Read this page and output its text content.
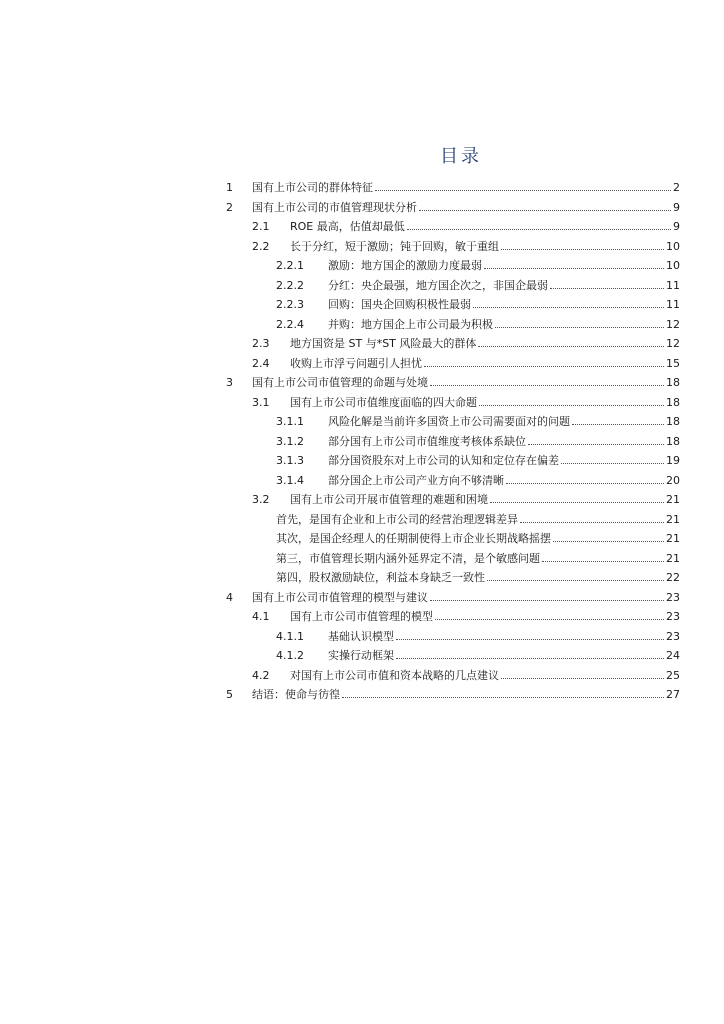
目录
1	国有上市公司的群体特征	2
2	国有上市公司的市值管理现状分析	9
2.1	ROE 最高，估值却最低	9
2.2	长于分红，短于激励；钝于回购，敏于重组	10
2.2.1	激励：地方国企的激励力度最弱	10
2.2.2	分红：央企最强，地方国企次之，非国企最弱	11
2.2.3	回购：国央企回购积极性最弱	11
2.2.4	并购：地方国企上市公司最为积极	12
2.3	地方国资是 ST 与*ST 风险最大的群体	12
2.4	收购上市浮亏问题引人担忧	15
3	国有上市公司市值管理的命题与处境	18
3.1	国有上市公司市值维度面临的四大命题	18
3.1.1	风险化解是当前许多国资上市公司需要面对的问题	18
3.1.2	部分国有上市公司市值维度考核体系缺位	18
3.1.3	部分国资股东对上市公司的认知和定位存在偏差	19
3.1.4	部分国企上市公司产业方向不够清晰	20
3.2	国有上市公司开展市值管理的难题和困境	21
首先，是国有企业和上市公司的经营治理逻辑差异	21
其次，是国企经理人的任期制使得上市企业长期战略摇摆	21
第三，市值管理长期内涵外延界定不清，是个敏感问题	21
第四，股权激励缺位，利益本身缺乏一致性	22
4	国有上市公司市值管理的模型与建议	23
4.1	国有上市公司市值管理的模型	23
4.1.1	基础认识模型	23
4.1.2	实操行动框架	24
4.2	对国有上市公司市值和资本战略的几点建议	25
5	结语：使命与彷徨	27
